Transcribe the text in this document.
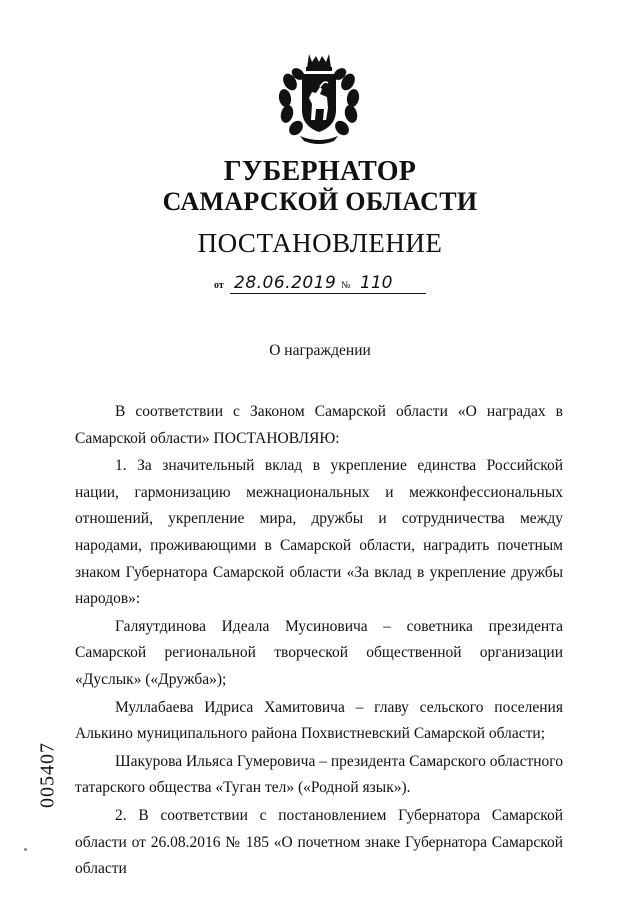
ГУБЕРНАТОР
САМАРСКОЙ ОБЛАСТИ
ПОСТАНОВЛЕНИЕ
от 28.06.2019 № 110
О награждении

В соответствии с Законом Самарской области «О наградах в Самарской области» ПОСТАНОВЛЯЮ:

1. За значительный вклад в укрепление единства Российской нации, гармонизацию межнациональных и межконфессиональных отношений, укрепление мира, дружбы и сотрудничества между народами, проживающими в Самарской области, наградить почетным знаком Губернатора Самарской области «За вклад в укрепление дружбы народов»:

Галяутдинова Идеала Мусиновича – советника президента Самарской региональной творческой общественной организации «Дуслык» («Дружба»);

Муллабаева Идриса Хамитовича – главу сельского поселения Алькино муниципального района Похвистневский Самарской области;

Шакурова Ильяса Гумеровича – президента Самарского областного татарского общества «Туган тел» («Родной язык»).

2. В соответствии с постановлением Губернатора Самарской области от 26.08.2016 № 185 «О почетном знаке Губернатора Самарской области

005407
